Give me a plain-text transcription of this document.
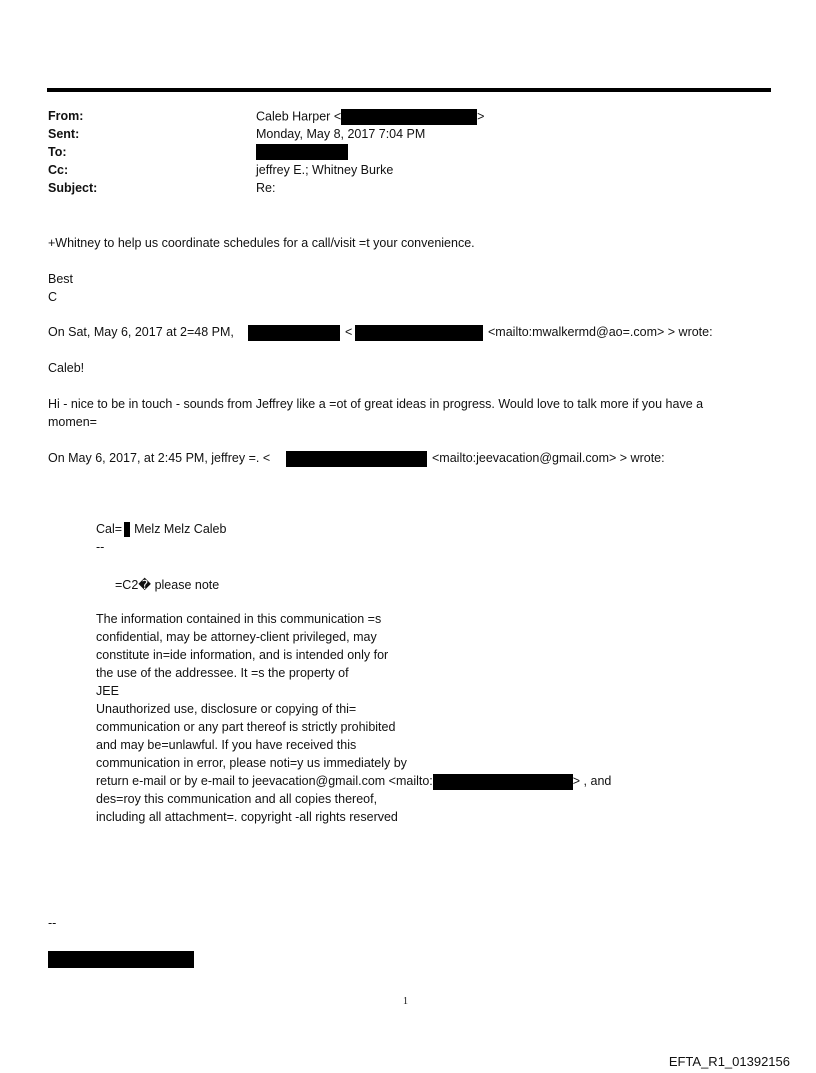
From:	Caleb Harper <	>
Sent:	Monday, May 8, 2017 7:04 PM
To:
Cc:	jeffrey E.; Whitney Burke
Subject:	Re:
+Whitney to help us coordinate schedules for a call/visit =t your convenience.
Best
C
On Sat, May 6, 2017 at 2=48 PM,	<	<mailto:mwalkermd@ao=.com> > wrote:
Caleb!
Hi - nice to be in touch - sounds from Jeffrey like a =ot of great ideas in progress. Would love to talk more if you have a
momen=
On May 6, 2017, at 2:45 PM, jeffrey =. <	<mailto:jeevacation@gmail.com> > wrote:
Cal= Melz Melz Caleb
--
=C2� please note
The information contained in this communication =s
confidential, may be attorney-client privileged, may
constitute in=ide information, and is intended only for
the use of the addressee. It =s the property of
JEE
Unauthorized use, disclosure or copying of thi=
communication or any part thereof is strictly prohibited
and may be=unlawful. If you have received this
communication in error, please noti=y us immediately by
return e-mail or by e-mail to jeevacation@gmail.com <mailto:	> , and
des=roy this communication and all copies thereof,
including all attachment=. copyright -all rights reserved
--
1
EFTA_R1_01392156
